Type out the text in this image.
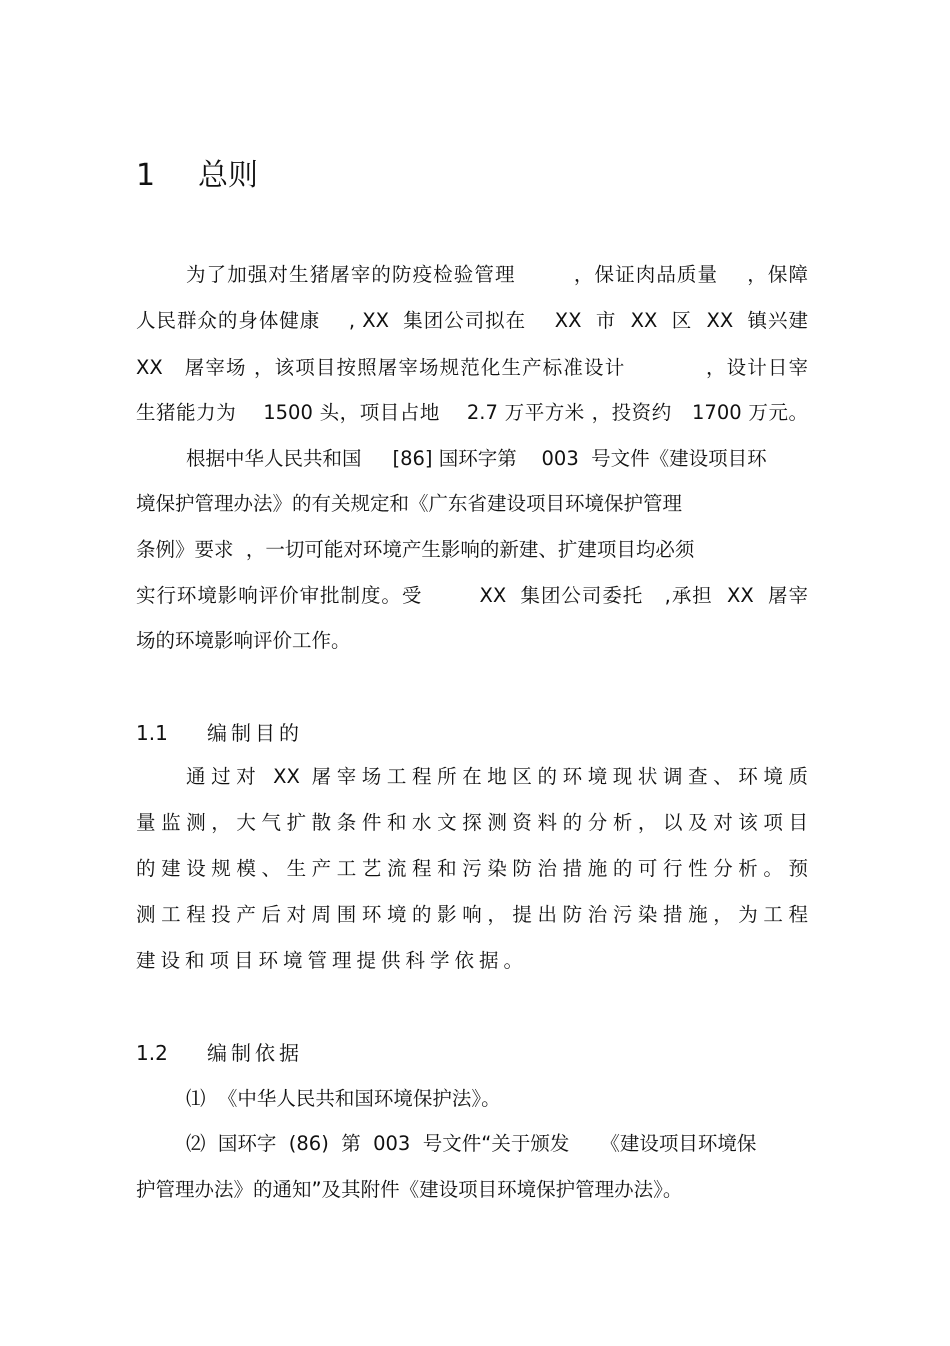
1 总则
为了加强对生猪屠宰的防疫检验管理        ，保证肉品质量    ，保障
人民群众的身体健康    , XX  集团公司拟在    XX  市  XX  区  XX  镇兴建
XX   屠宰场 ，该项目按照屠宰场规范化生产标准设计           ，设计日宰
生猪能力为    1500 头，项目占地    2.7 万平方米 ，投资约   1700 万元。
根据中华人民共和国     [86] 国环字第    003  号文件《建设项目环
境保护管理办法》的有关规定和《广东省建设项目环境保护管理
条例》要求  ，一切可能对环境产生影响的新建、扩建项目均必须
实行环境影响评价审批制度。受        XX  集团公司委托   ,承担  XX  屠宰
场的环境影响评价工作。
1.1 编制目的
通过对 XX 屠宰场工程所在地区的环境现状调查、环境质
量监测，大气扩散条件和水文探测资料的分析，以及对该项目
的建设规模、生产工艺流程和污染防治措施的可行性分析。预
测工程投产后对周围环境的影响，提出防治污染措施，为工程
建设和项目环境管理提供科学依据。
1.2 编制依据
⑴  《中华人民共和国环境保护法》。
⑵  国环字  (86)  第  003  号文件“关于颁发     《建设项目环境保
护管理办法》的通知”及其附件《建设项目环境保护管理办法》。
